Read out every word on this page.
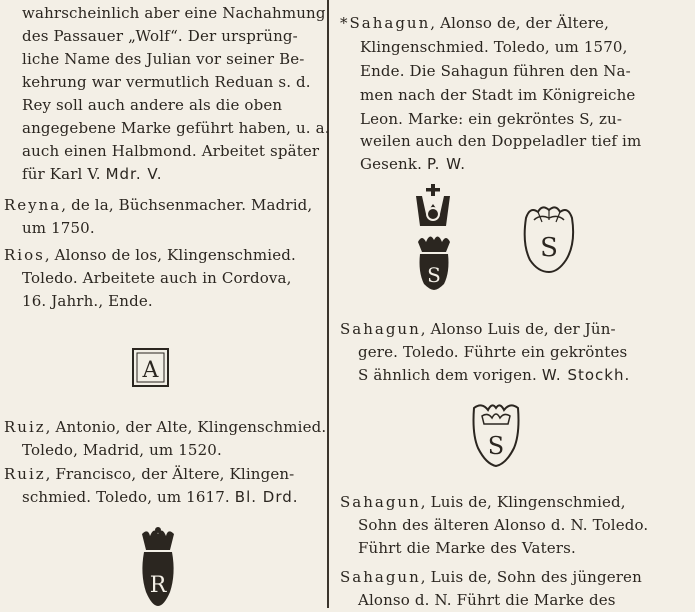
wahrscheinlich aber eine Nachahmung
des Passauer „Wolf“. Der ursprüng-
liche Name des Julian vor seiner Be-
kehrung war vermutlich Reduan s. d.
Rey soll auch andere als die oben
angegebene Marke geführt haben, u. a.
auch einen Halbmond. Arbeitet später
für Karl V. Mdr. V.
Reyna, de la, Büchsenmacher. Madrid,
um 1750.
Rios, Alonso de los, Klingenschmied.
Toledo. Arbeitete auch in Cordova,
16. Jahrh., Ende.
A
Ruiz, Antonio, der Alte, Klingenschmied.
Toledo, Madrid, um 1520.
Ruiz, Francisco, der Ältere, Klingen-
schmied. Toledo, um 1617. Bl. Drd.
R
*Sahagun, Alonso de, der Ältere,
Klingenschmied. Toledo, um 1570,
Ende. Die Sahagun führen den Na-
men nach der Stadt im Königreiche
Leon. Marke: ein gekröntes S, zu-
weilen auch den Doppeladler tief im
Gesenk. P. W.
S
S
Sahagun, Alonso Luis de, der Jün-
gere. Toledo. Führte ein gekröntes
S ähnlich dem vorigen. W. Stockh.
S
Sahagun, Luis de, Klingenschmied,
Sohn des älteren Alonso d. N. Toledo.
Führt die Marke des Vaters.
Sahagun, Luis de, Sohn des jüngeren
Alonso d. N. Führt die Marke des
